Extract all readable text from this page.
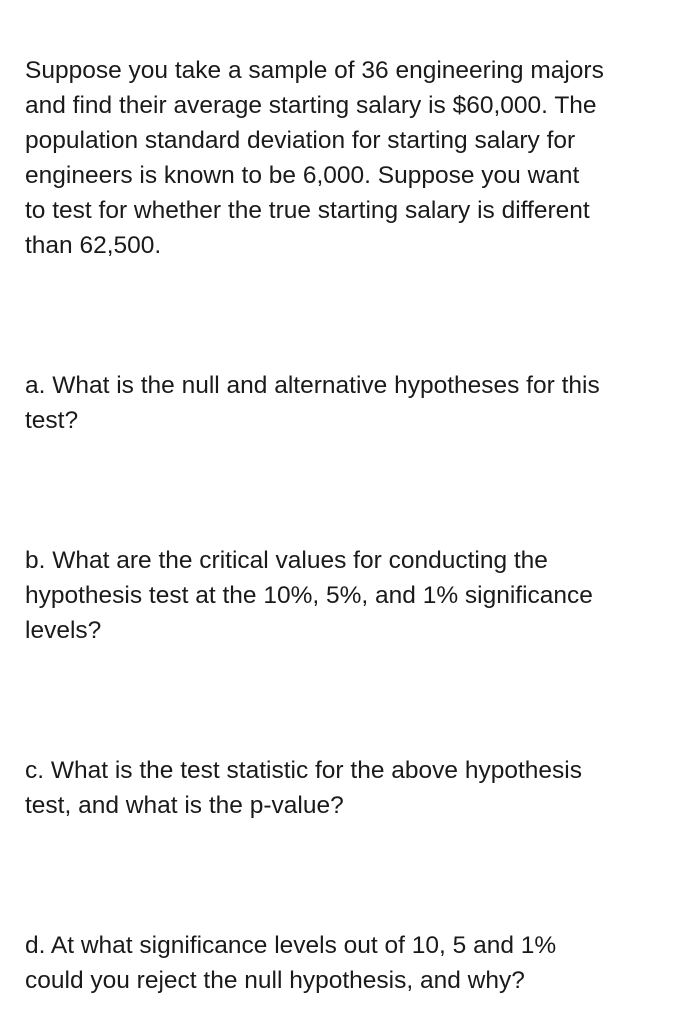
Suppose you take a sample of 36 engineering majors
and find their average starting salary is $60,000. The
population standard deviation for starting salary for
engineers is known to be 6,000. Suppose you want
to test for whether the true starting salary is different
than 62,500.

a. What is the null and alternative hypotheses for this
test?

b. What are the critical values for conducting the
hypothesis test at the 10%, 5%, and 1% significance
levels?

c. What is the test statistic for the above hypothesis
test, and what is the p-value?

d. At what significance levels out of 10, 5 and 1%
could you reject the null hypothesis, and why?
